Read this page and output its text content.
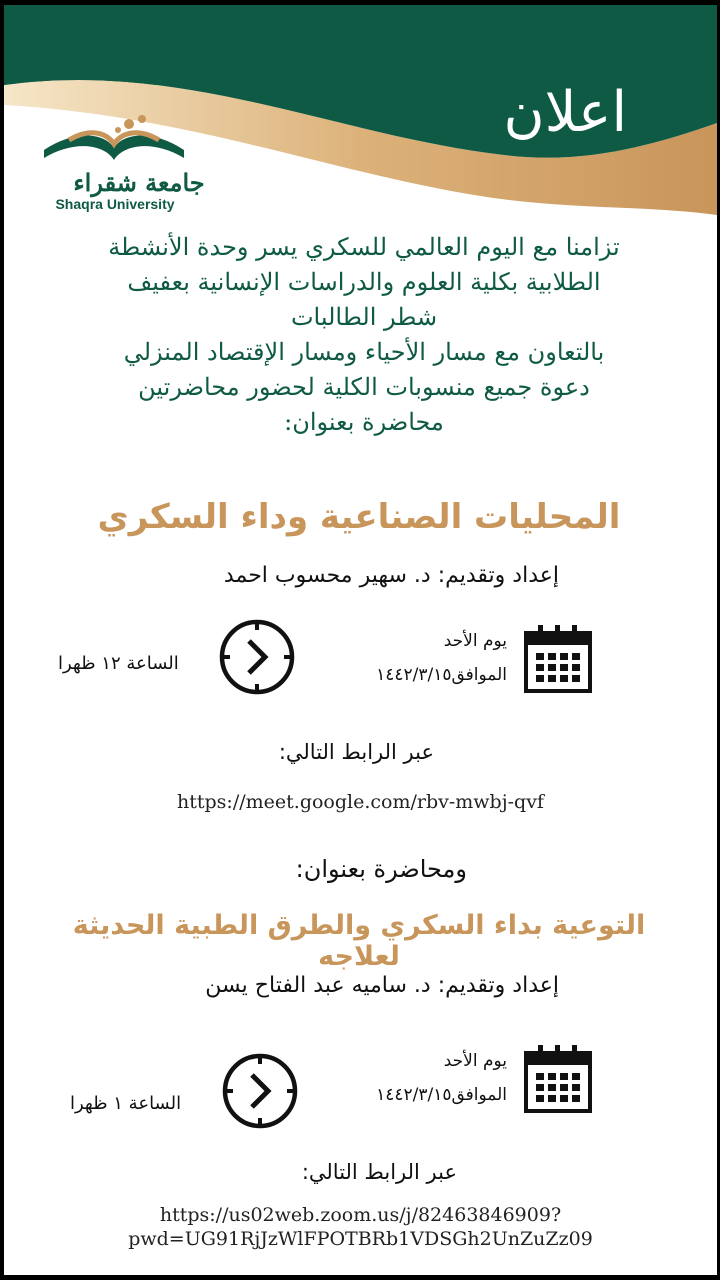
اعلان
جامعة شقراء
Shaqra University
تزامنا مع اليوم العالمي للسكري يسر وحدة الأنشطة
الطلابية بكلية العلوم والدراسات الإنسانية بعفيف
شطر الطالبات
بالتعاون مع مسار الأحياء ومسار الإقتصاد المنزلي
دعوة جميع منسوبات الكلية لحضور محاضرتين
محاضرة بعنوان:
المحليات الصناعية وداء السكري
إعداد وتقديم: د. سهير محسوب احمد
يوم الأحد
الموافق١٤٤٢/٣/١٥
الساعة ١٢ ظهرا
عبر الرابط التالي:
https://meet.google.com/rbv-mwbj-qvf
ومحاضرة بعنوان:
التوعية بداء السكري والطرق الطبية الحديثة لعلاجه
إعداد وتقديم: د. ساميه عبد الفتاح يسن
يوم الأحد
الموافق١٤٤٢/٣/١٥
الساعة ١ ظهرا
عبر الرابط التالي:
https://us02web.zoom.us/j/82463846909?
pwd=UG91RjJzWlFPOTBRb1VDSGh2UnZuZz09
